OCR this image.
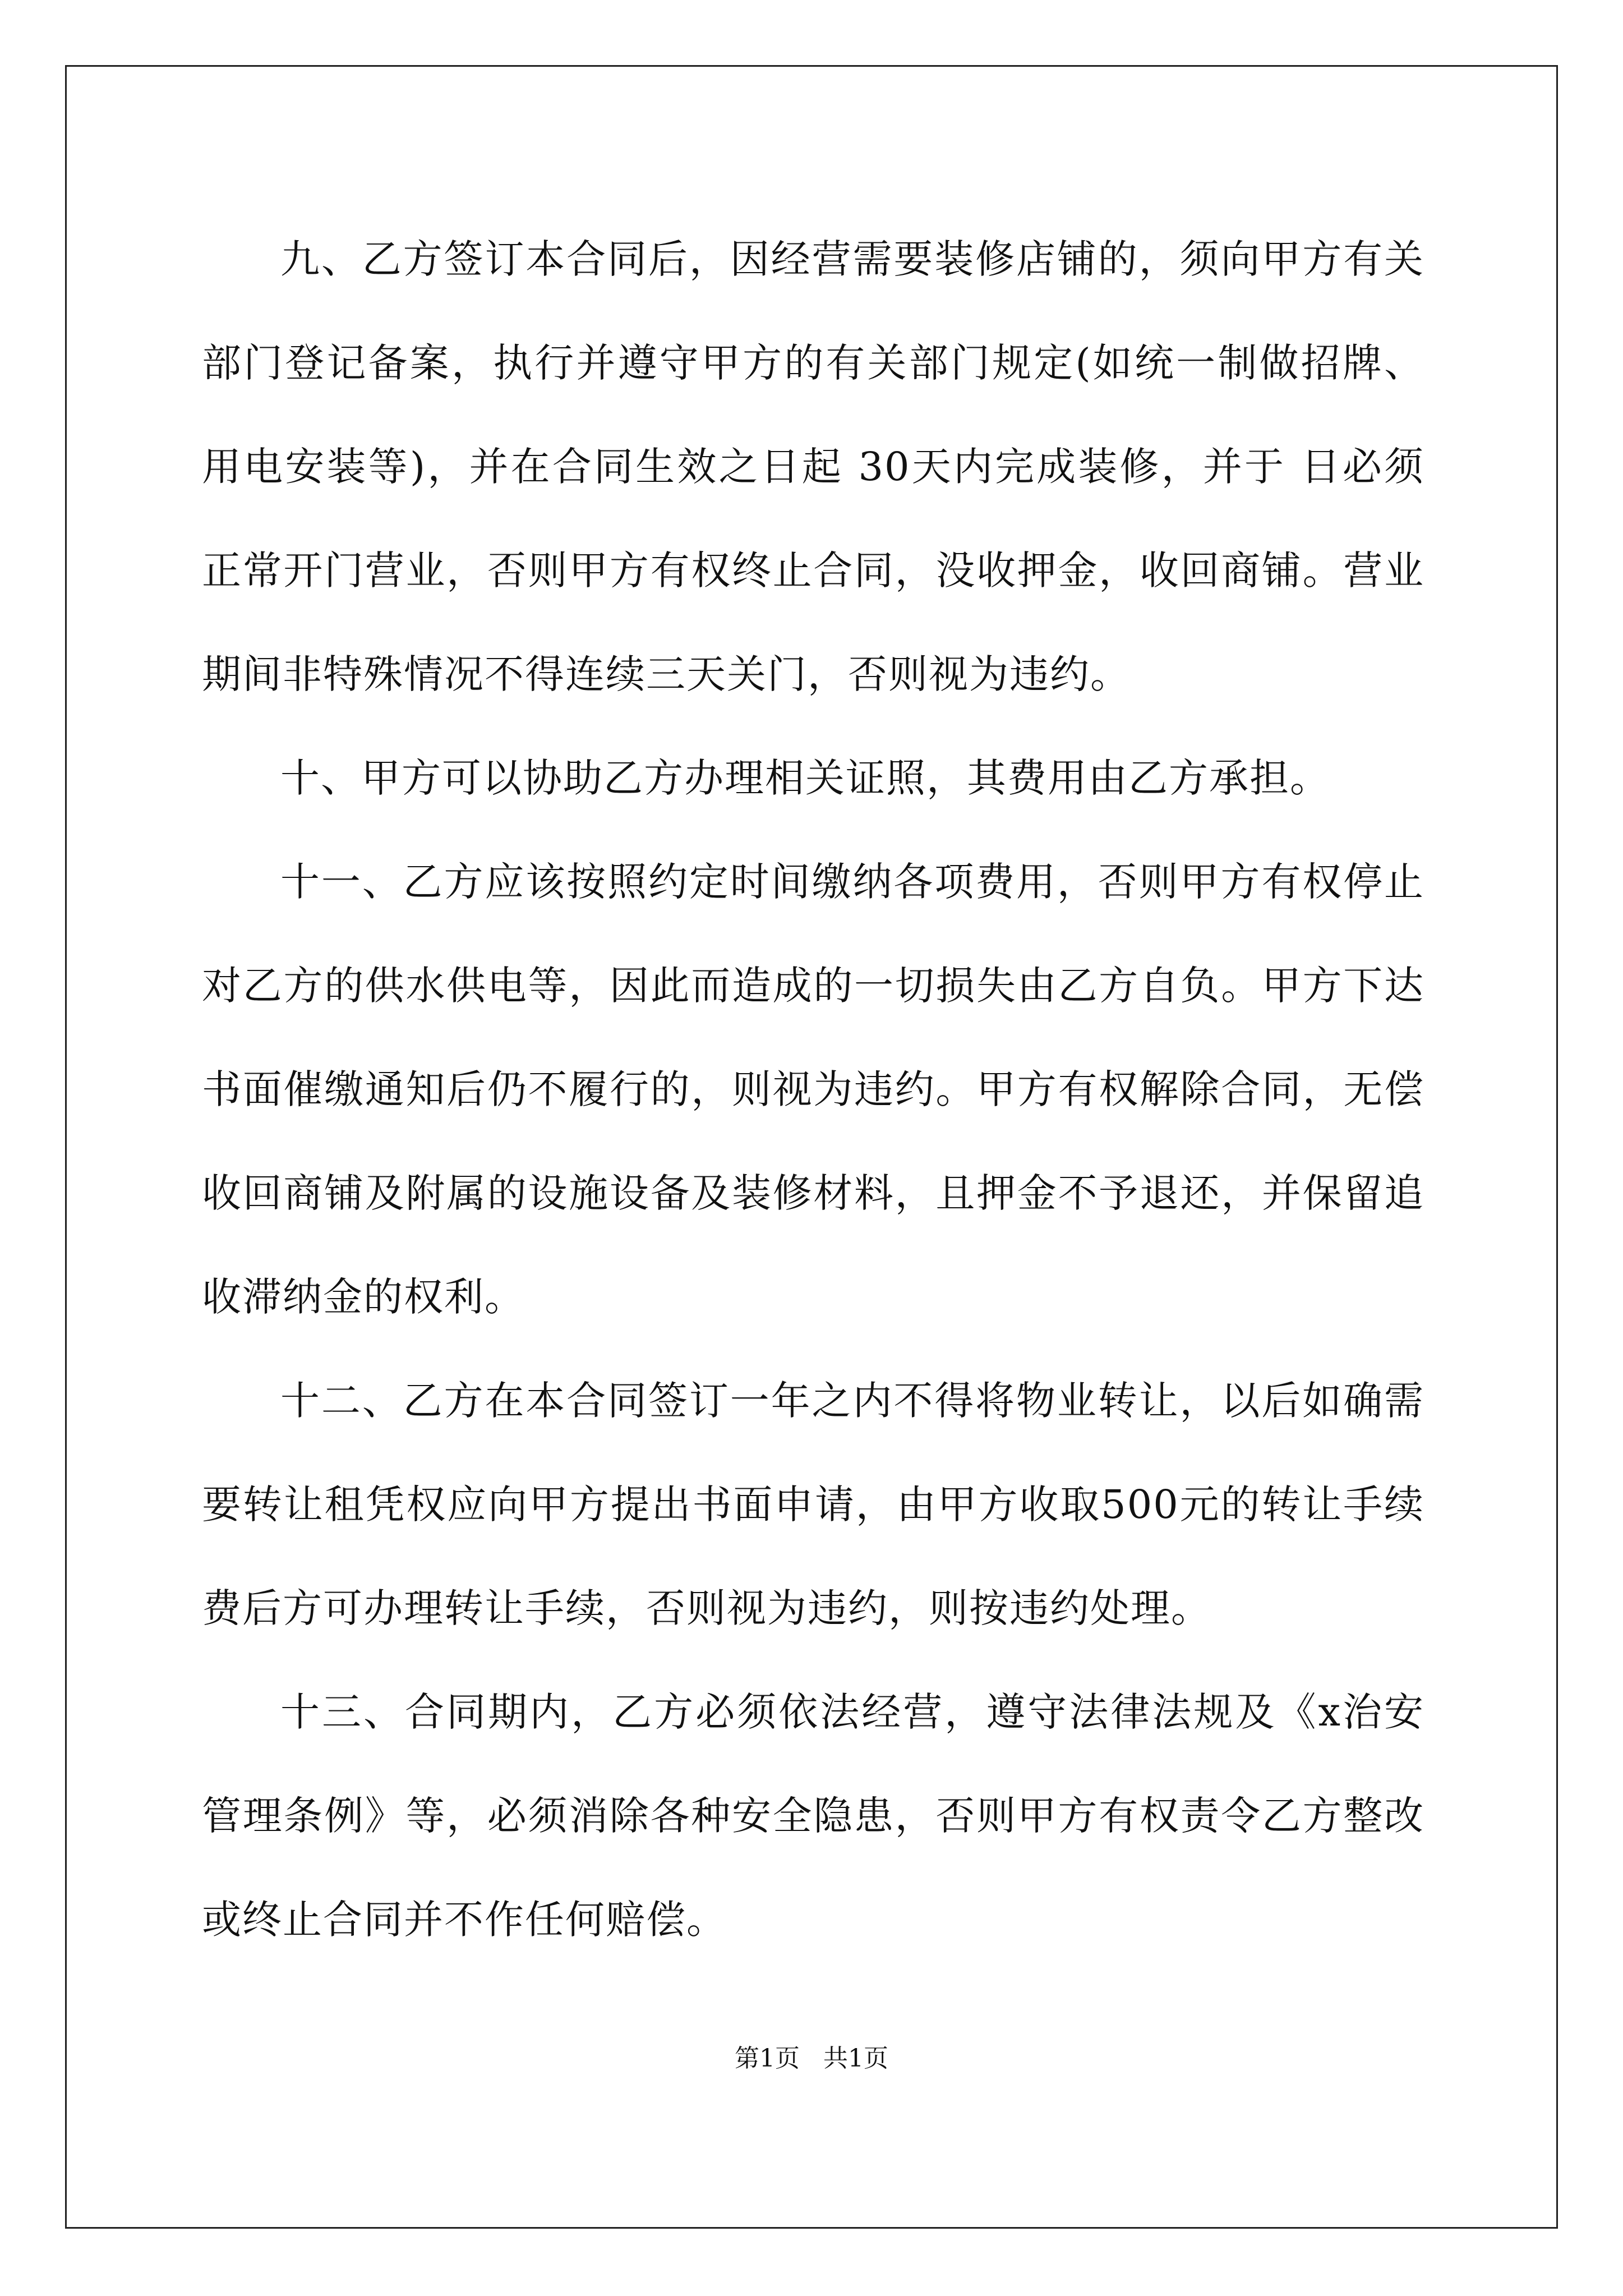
九、乙方签订本合同后，因经营需要装修店铺的，须向甲方有关部门登记备案，执行并遵守甲方的有关部门规定(如统一制做招牌、用电安装等)，并在合同生效之日起 30天内完成装修，并于 日必须正常开门营业，否则甲方有权终止合同，没收押金，收回商铺。营业期间非特殊情况不得连续三天关门，否则视为违约。

十、甲方可以协助乙方办理相关证照，其费用由乙方承担。

十一、乙方应该按照约定时间缴纳各项费用，否则甲方有权停止对乙方的供水供电等，因此而造成的一切损失由乙方自负。甲方下达书面催缴通知后仍不履行的，则视为违约。甲方有权解除合同，无偿收回商铺及附属的设施设备及装修材料，且押金不予退还，并保留追收滞纳金的权利。

十二、乙方在本合同签订一年之内不得将物业转让，以后如确需要转让租凭权应向甲方提出书面申请，由甲方收取500元的转让手续费后方可办理转让手续，否则视为违约，则按违约处理。

十三、合同期内，乙方必须依法经营，遵守法律法规及《x治安管理条例》等，必须消除各种安全隐患，否则甲方有权责令乙方整改或终止合同并不作任何赔偿。

第1页   共1页
